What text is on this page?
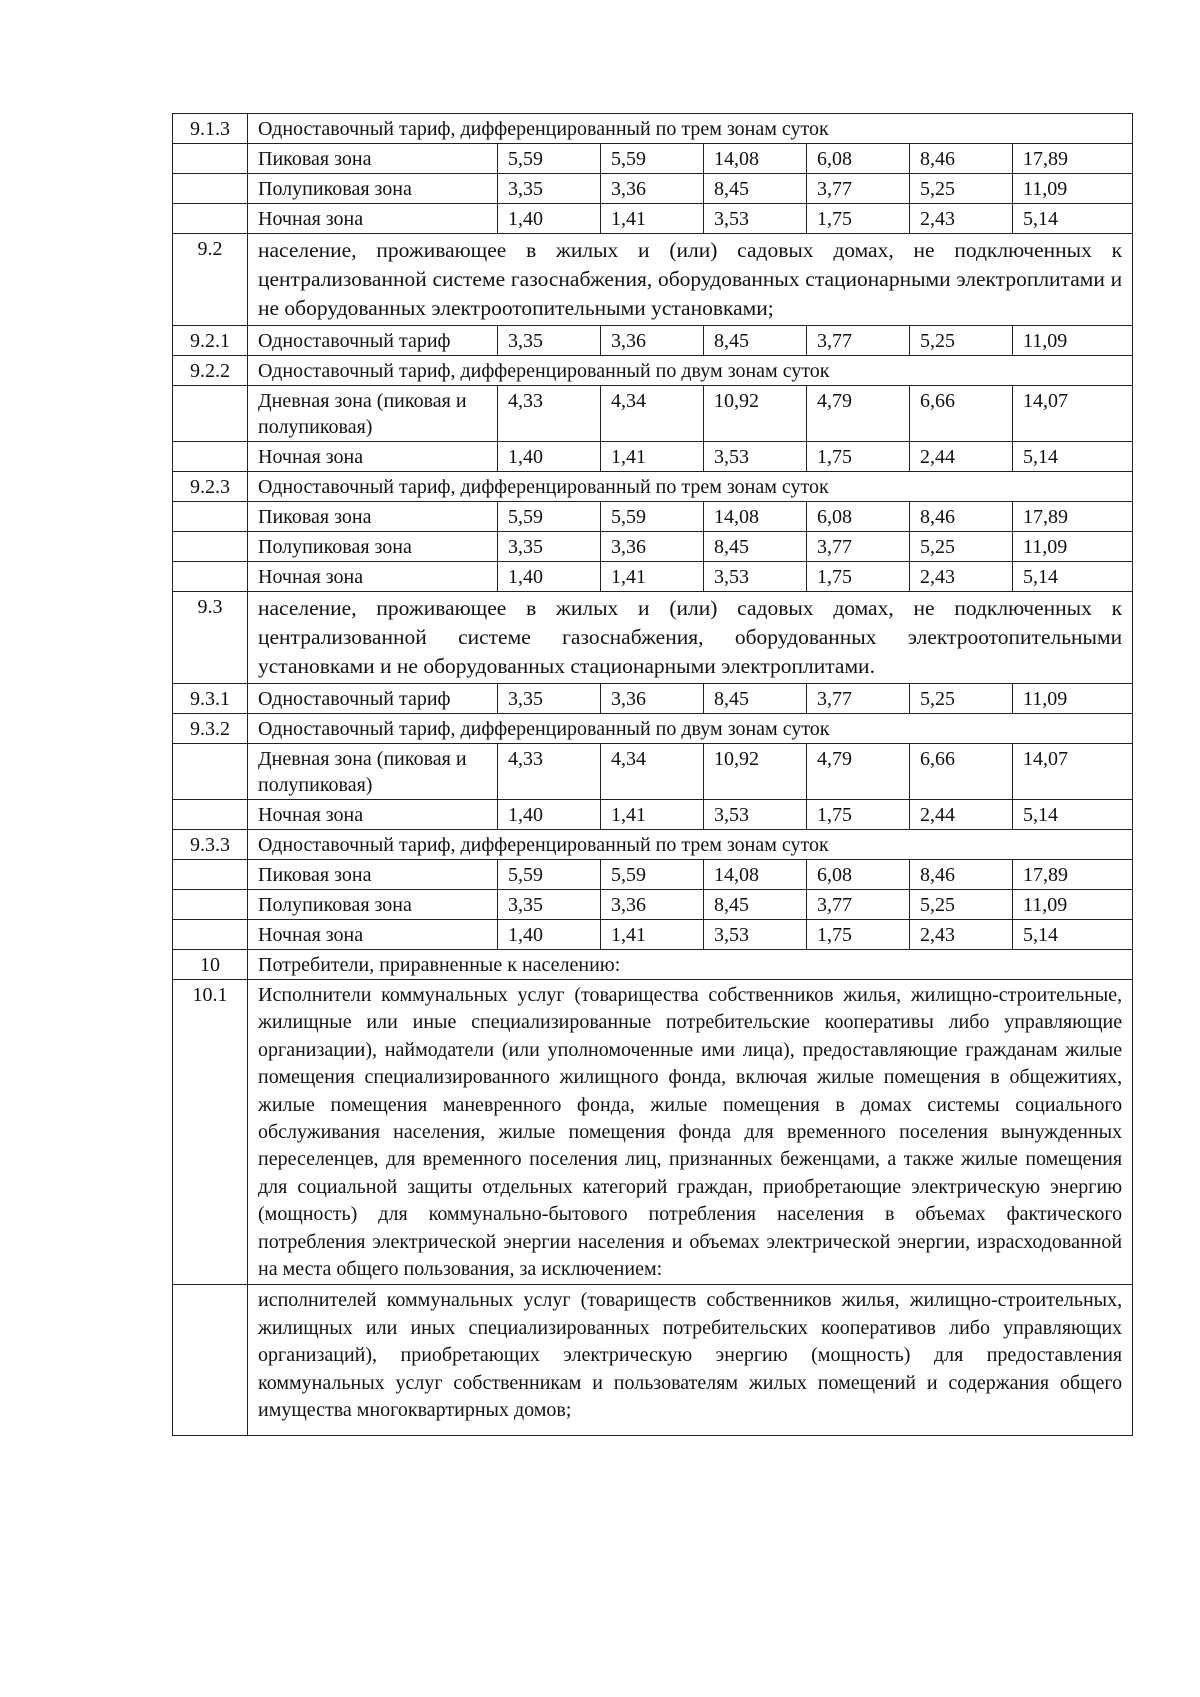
9.1.3	Одноставочный тариф, дифференцированный по трем зонам суток						
	Пиковая зона	5,59	5,59	14,08	6,08	8,46	17,89
	Полупиковая зона	3,35	3,36	8,45	3,77	5,25	11,09
	Ночная зона	1,40	1,41	3,53	1,75	2,43	5,14
9.2	население, проживающее в жилых и (или) садовых домах, не подключенных к централизованной системе газоснабжения, оборудованных стационарными электроплитами и не оборудованных электроотопительными установками;						
9.2.1	Одноставочный тариф	3,35	3,36	8,45	3,77	5,25	11,09
9.2.2	Одноставочный тариф, дифференцированный по двум зонам суток						
	Дневная зона (пиковая и полупиковая)	4,33	4,34	10,92	4,79	6,66	14,07
	Ночная зона	1,40	1,41	3,53	1,75	2,44	5,14
9.2.3	Одноставочный тариф, дифференцированный по трем зонам суток						
	Пиковая зона	5,59	5,59	14,08	6,08	8,46	17,89
	Полупиковая зона	3,35	3,36	8,45	3,77	5,25	11,09
	Ночная зона	1,40	1,41	3,53	1,75	2,43	5,14
9.3	население, проживающее в жилых и (или) садовых домах, не подключенных к централизованной системе газоснабжения, оборудованных электроотопительными установками и не оборудованных стационарными электроплитами.						
9.3.1	Одноставочный тариф	3,35	3,36	8,45	3,77	5,25	11,09
9.3.2	Одноставочный тариф, дифференцированный по двум зонам суток						
	Дневная зона (пиковая и полупиковая)	4,33	4,34	10,92	4,79	6,66	14,07
	Ночная зона	1,40	1,41	3,53	1,75	2,44	5,14
9.3.3	Одноставочный тариф, дифференцированный по трем зонам суток						
	Пиковая зона	5,59	5,59	14,08	6,08	8,46	17,89
	Полупиковая зона	3,35	3,36	8,45	3,77	5,25	11,09
	Ночная зона	1,40	1,41	3,53	1,75	2,43	5,14
10	Потребители, приравненные к населению:						
10.1	Исполнители коммунальных услуг (товарищества собственников жилья, жилищно-строительные, жилищные или иные специализированные потребительские кооперативы либо управляющие организации), наймодатели (или уполномоченные ими лица), предоставляющие гражданам жилые помещения специализированного жилищного фонда, включая жилые помещения в общежитиях, жилые помещения маневренного фонда, жилые помещения в домах системы социального обслуживания населения, жилые помещения фонда для временного поселения вынужденных переселенцев, для временного поселения лиц, признанных беженцами, а также жилые помещения для социальной защиты отдельных категорий граждан, приобретающие электрическую энергию (мощность) для коммунально-бытового потребления населения в объемах фактического потребления электрической энергии населения и объемах электрической энергии, израсходованной на места общего пользования, за исключением:						
	исполнителей коммунальных услуг (товариществ собственников жилья, жилищно-строительных, жилищных или иных специализированных потребительских кооперативов либо управляющих организаций), приобретающих электрическую энергию (мощность) для предоставления коммунальных услуг собственникам и пользователям жилых помещений и содержания общего имущества многоквартирных домов;						
